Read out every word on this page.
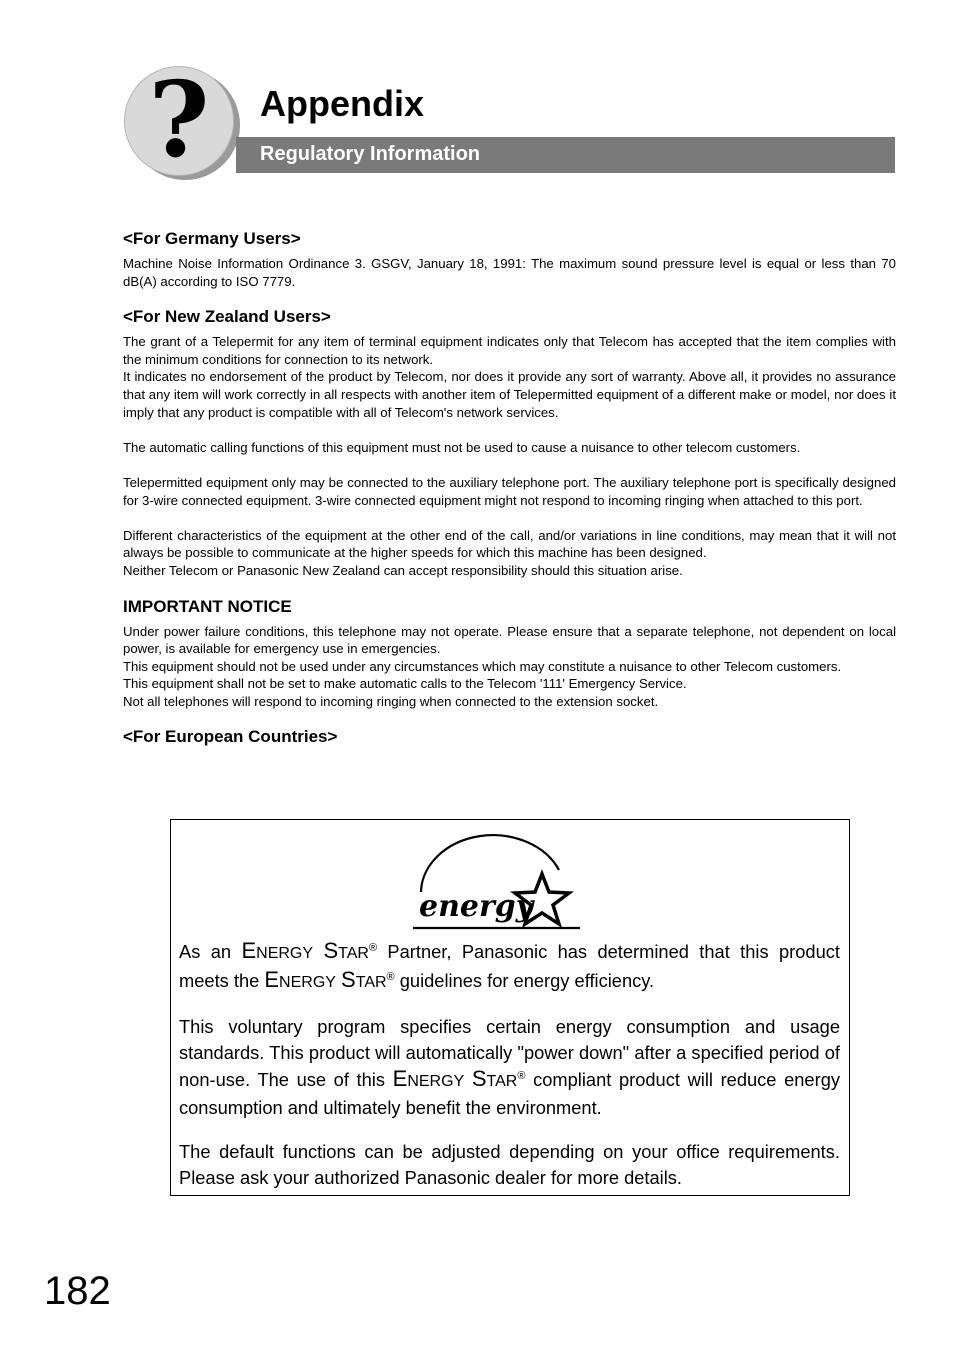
?	Appendix
Regulatory Information
<For Germany Users>

Machine Noise Information Ordinance 3. GSGV, January 18, 1991: The maximum sound pressure level is equal or less than 70 dB(A) according to ISO 7779.

<For New Zealand Users>

The grant of a Telepermit for any item of terminal equipment indicates only that Telecom has accepted that the item complies with the minimum conditions for connection to its network.

It indicates no endorsement of the product by Telecom, nor does it provide any sort of warranty. Above all, it provides no assurance that any item will work correctly in all respects with another item of Telepermitted equipment of a different make or model, nor does it imply that any product is compatible with all of Telecom's network services.

The automatic calling functions of this equipment must not be used to cause a nuisance to other telecom customers.

Telepermitted equipment only may be connected to the auxiliary telephone port. The auxiliary telephone port is specifically designed for 3-wire connected equipment. 3-wire connected equipment might not respond to incoming ringing when attached to this port.

Different characteristics of the equipment at the other end of the call, and/or variations in line conditions, may mean that it will not always be possible to communicate at the higher speeds for which this machine has been designed.

Neither Telecom or Panasonic New Zealand can accept responsibility should this situation arise.

IMPORTANT NOTICE

Under power failure conditions, this telephone may not operate. Please ensure that a separate telephone, not dependent on local power, is available for emergency use in emergencies.

This equipment should not be used under any circumstances which may constitute a nuisance to other Telecom customers.

This equipment shall not be set to make automatic calls to the Telecom '111' Emergency Service.

Not all telephones will respond to incoming ringing when connected to the extension socket.

<For European Countries>
energy

As an ENERGY STAR® Partner, Panasonic has determined that this product meets the ENERGY STAR® guidelines for energy efficiency.

This voluntary program specifies certain energy consumption and usage standards. This product will automatically "power down" after a specified period of non-use. The use of this ENERGY STAR® compliant product will reduce energy consumption and ultimately benefit the environment.

The default functions can be adjusted depending on your office requirements. Please ask your authorized Panasonic dealer for more details.

182
